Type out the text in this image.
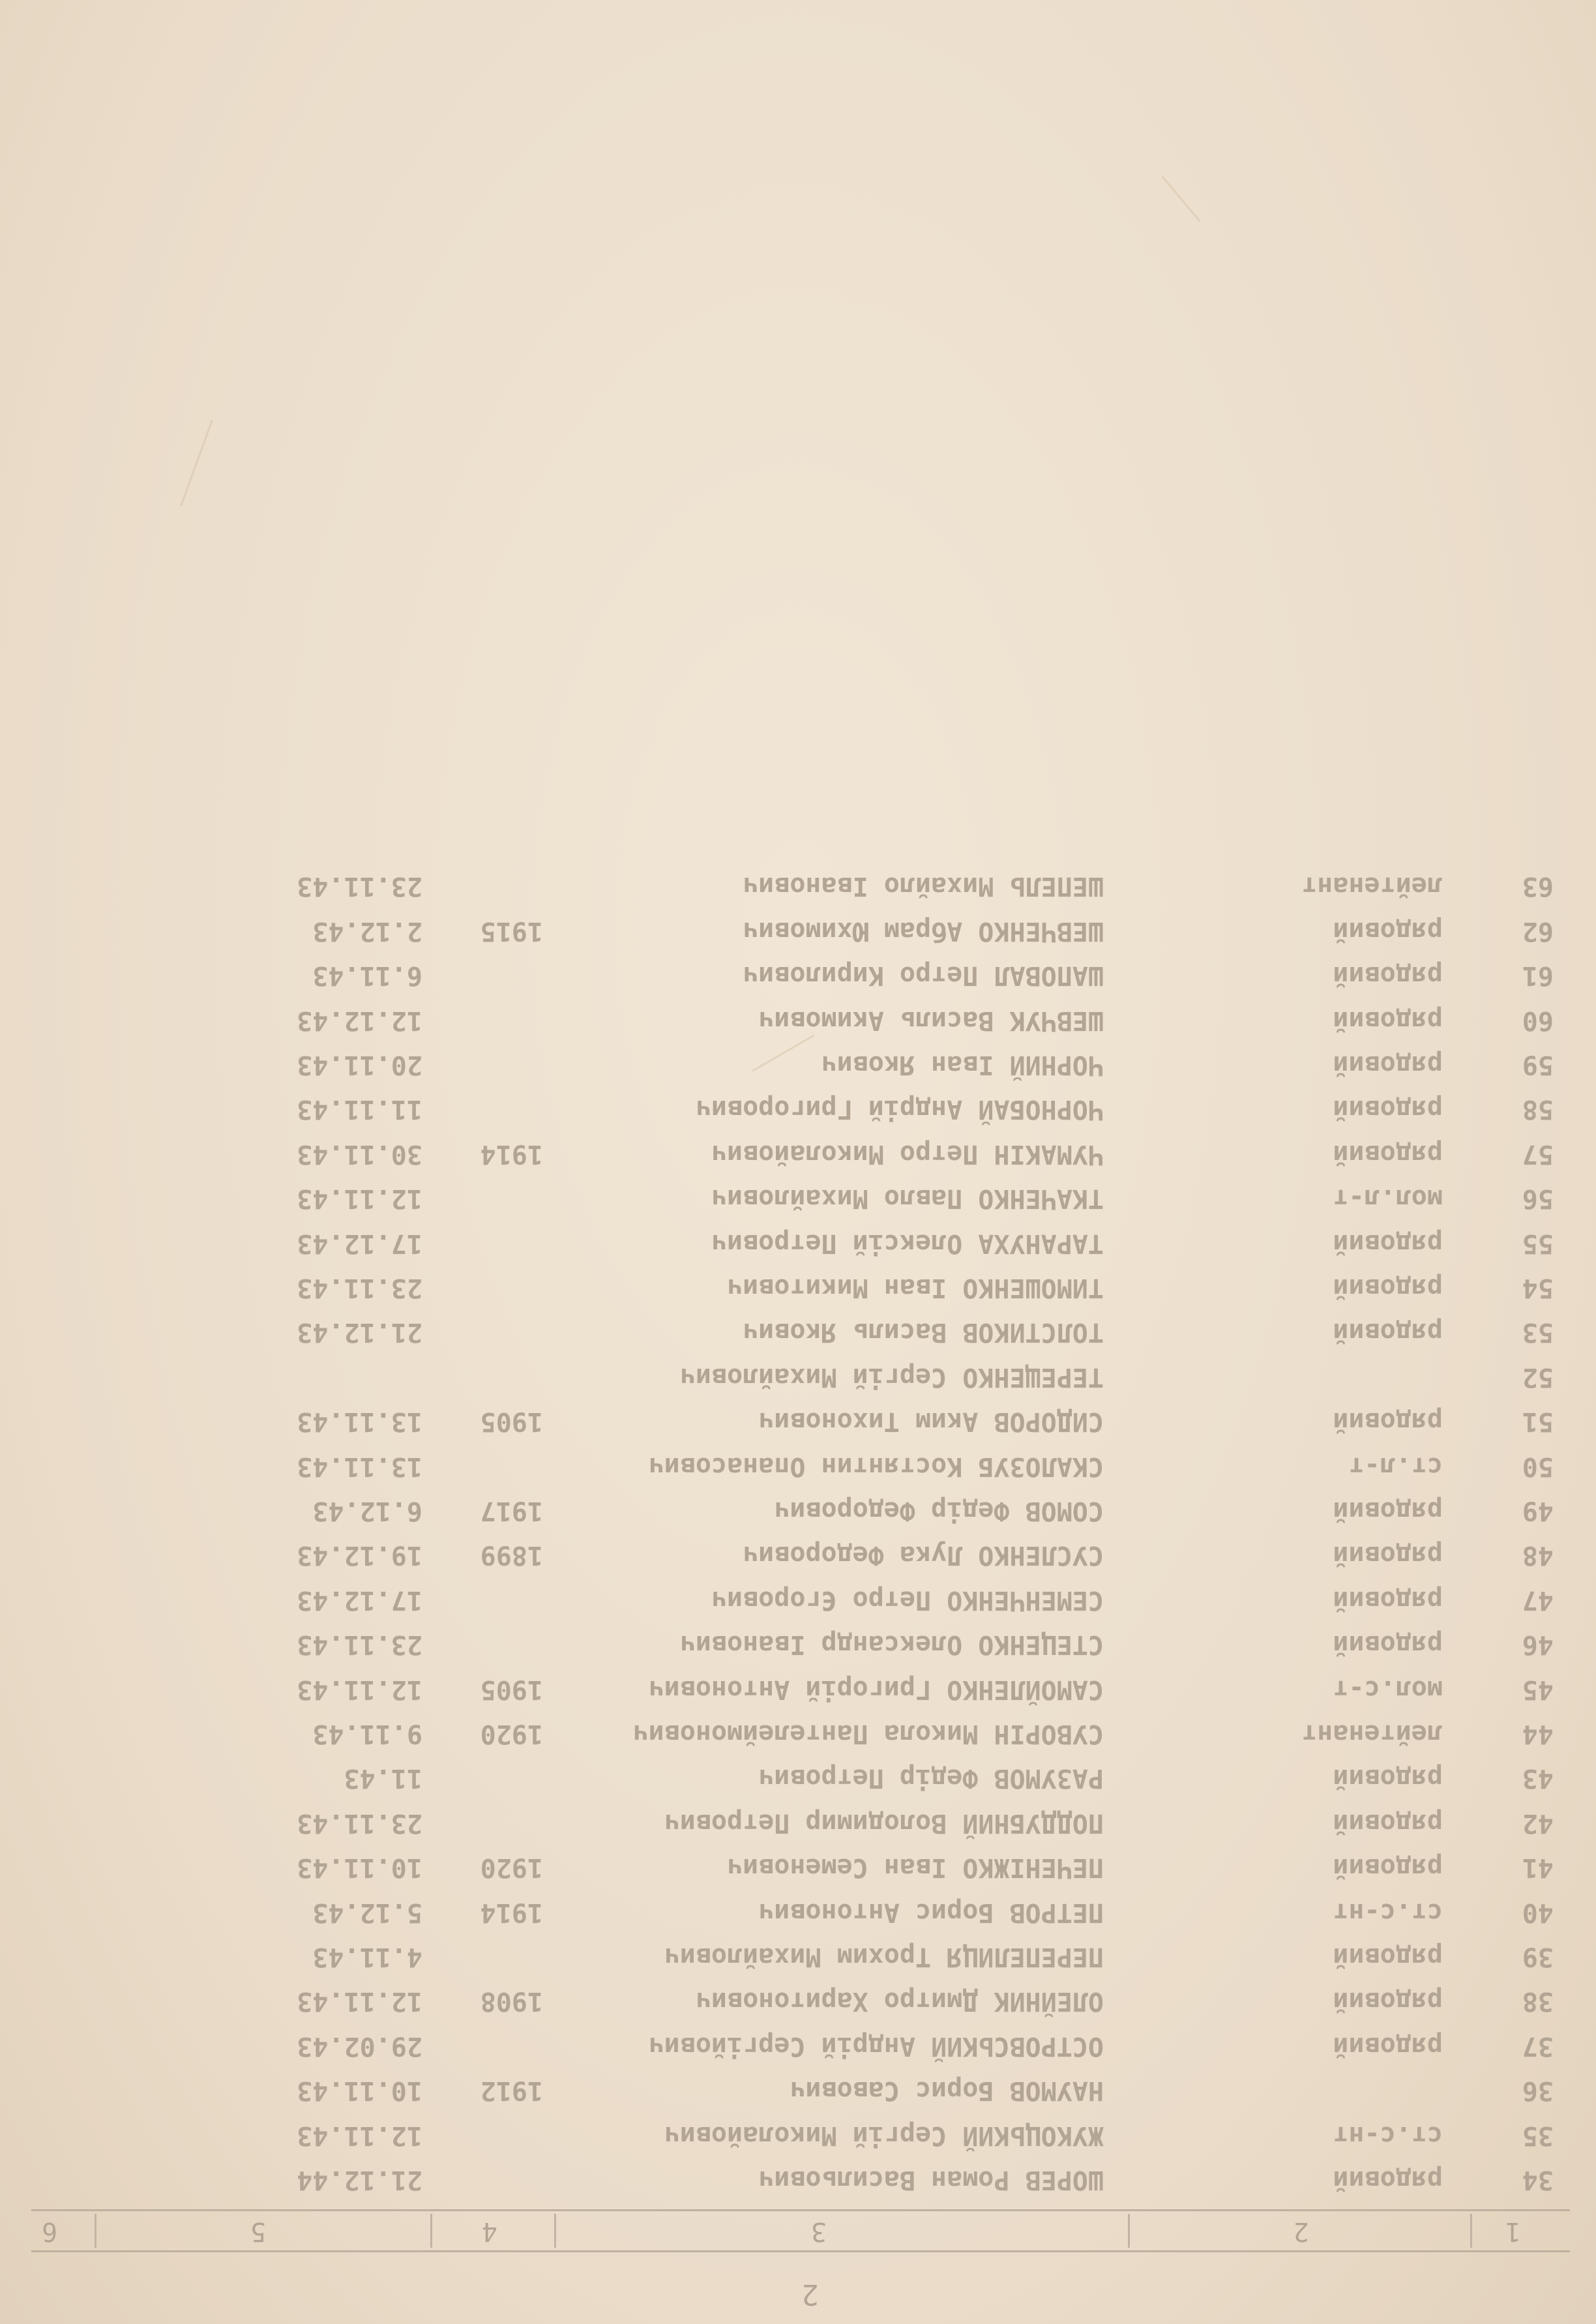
2
1
2
3
4
5
6
34
рядовий
ШОРЕВ Роман Васильович
21.12.44
35
ст.с-нт
ЖУКОЦЬКИЙ Сергій Миколайович
12.11.43
36
НАУМОВ Борис Савович
1912
10.11.43
37
рядовий
ОСТРОВСЬКИЙ Андрій Сергійович
29.02.43
38
рядовий
ОЛЕЙНИК Дмитро Харитонович
1908
12.11.43
39
рядовий
ПЕРЕПЕЛИЦЯ Трохим Михайлович
4.11.43
40
ст.с-нт
ПЕТРОВ Борис Антонович
1914
5.12.43
41
рядовий
ПЕЧЕНІЖКО Іван Семенович
1920
10.11.43
42
рядовий
ПОДДУБНИЙ Володимир Петрович
23.11.43
43
рядовий
РАЗУМОВ Федір Петрович
11.43
44
лейтенант
СУВОРІН Микола Пантелеймонович
1920
9.11.43
45
мол.с-т
САМОЙЛЕНКО Григорій Антонович
1905
12.11.43
46
рядовий
СТЕЦЕНКО Олександр Іванович
23.11.43
47
рядовий
СЕМЕНЧЕНКО Петро Єгорович
17.12.43
48
рядовий
СУСЛЕНКО Лука Федорович
1899
19.12.43
49
рядовий
СОМОВ Федір Федорович
1917
6.12.43
50
ст.л-т
СКАЛОЗУБ Костянтин Опанасович
13.11.43
51
рядовий
СИДОРОВ Аким Тихонович
1905
13.11.43
52
ТЕРЕЩЕНКО Сергій Михайлович
53
рядовий
ТОЛСТИКОВ Василь Якович
21.12.43
54
рядовий
ТИМОШЕНКО Іван Микитович
23.11.43
55
рядовий
ТАРАНУХА Олексій Петрович
17.12.43
56
мол.л-т
ТКАЧЕНКО Павло Михайлович
12.11.43
57
рядовий
ЧУМАКІН Петро Миколайович
1914
30.11.43
58
рядовий
ЧОРНОБАЙ Андрій Григорович
11.11.43
59
рядовий
ЧОРНИЙ Іван Якович
20.11.43
60
рядовий
ШЕВЧУК Василь Акимович
12.12.43
61
рядовий
ШАПОВАЛ Петро Кирилович
6.11.43
62
рядовий
ШЕВЧЕНКО Абрам Юхимович
1915
2.12.43
63
лейтенант
ШЕПЕЛЬ Михайло Іванович
23.11.43
